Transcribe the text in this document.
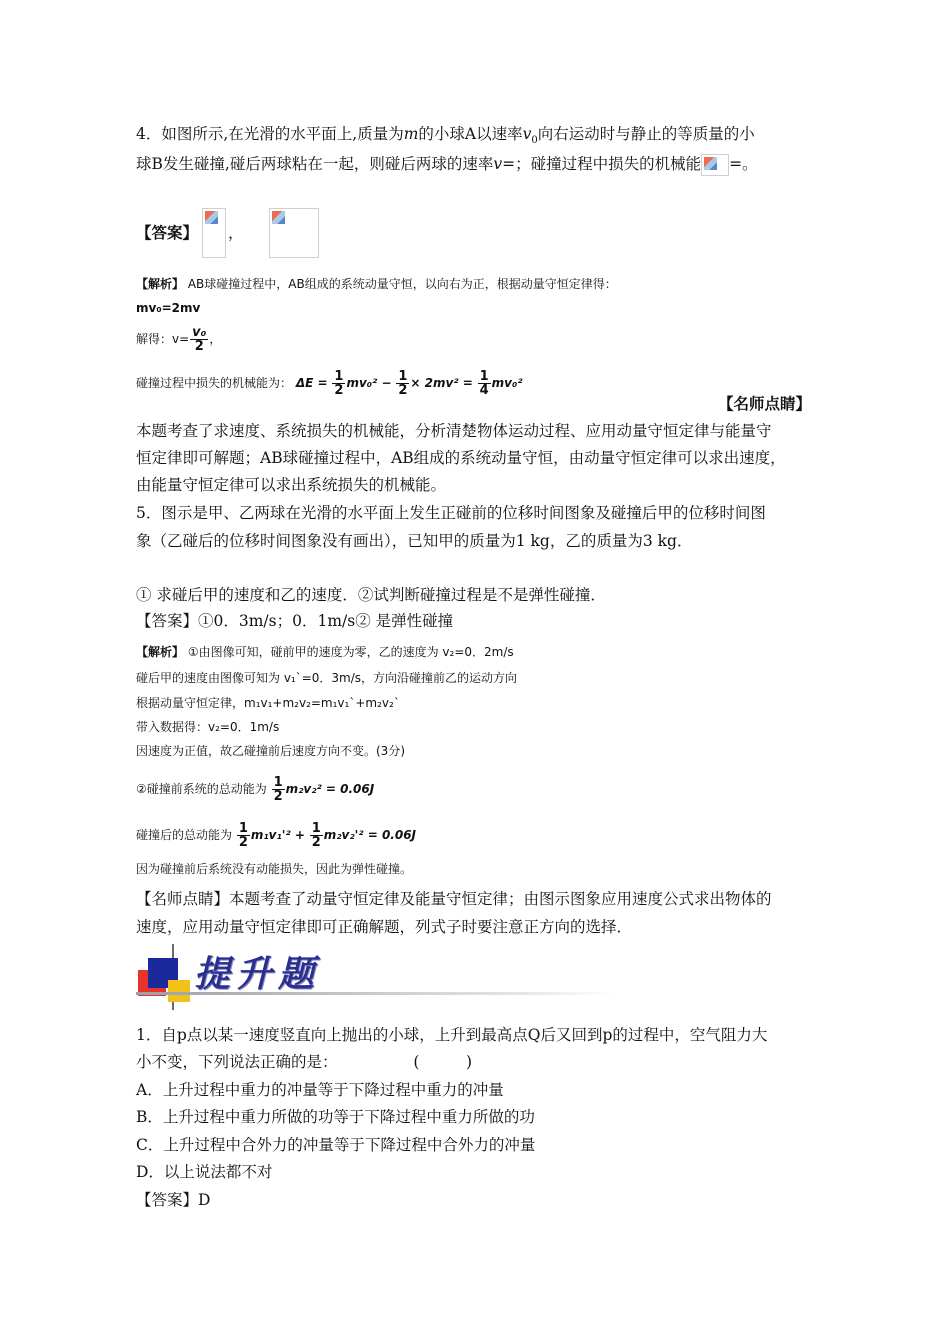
4．如图所示,在光滑的水平面上,质量为m的小球A以速率$v_0$向右运动时与静止的等质量的小
球B发生碰撞,碰后两球粘在一起，则碰后两球的速率v=；碰撞过程中损失的机械能 =。
【答案】 ，
【解析】 AB球碰撞过程中，AB组成的系统动量守恒，以向右为正，根据动量守恒定律得：
mv₀=2mv
解得：$v= \frac{\text{v₀}}{2}$ ，
碰撞过程中损失的机械能为： $\Delta E = \frac{1}{2} mv_0^2 - \frac{1}{2} \times 2mv^2 = \frac{1}{4} mv_0^2$
【名师点睛】
本题考查了求速度、系统损失的机械能，分析清楚物体运动过程、应用动量守恒定律与能量守
恒定律即可解题；AB球碰撞过程中，AB组成的系统动量守恒，由动量守恒定律可以求出速度，
由能量守恒定律可以求出系统损失的机械能。
5．图示是甲、乙两球在光滑的水平面上发生正碰前的位移时间图象及碰撞后甲的位移时间图
象（乙碰后的位移时间图象没有画出），已知甲的质量为1 kg，乙的质量为3 kg．
① 求碰后甲的速度和乙的速度．②试判断碰撞过程是不是弹性碰撞．
【答案】①0．3m/s；0．1m/s② 是弹性碰撞
【解析】 ①由图像可知，碰前甲的速度为零，乙的速度为 v₂=0．2m/s
碰后甲的速度由图像可知为 v₁`=0．3m/s，方向沿碰撞前乙的运动方向
根据动量守恒定律，m₁v₁+m₂v₂=m₁v₁`+m₂v₂`
带入数据得：v₂=0．1m/s
因速度为正值，故乙碰撞前后速度方向不变。(3分)
②碰撞前系统的总动能为 $\frac{1}{2} m_2v_2^2 = 0.06J$
碰撞后的总动能为 $\frac{1}{2} m_1v_1'^2 + \frac{1}{2} m_2v_2'^2 = 0.06J$
因为碰撞前后系统没有动能损失，因此为弹性碰撞。
【名师点睛】本题考查了动量守恒定律及能量守恒定律；由图示图象应用速度公式求出物体的
速度，应用动量守恒定律即可正确解题，列式子时要注意正方向的选择．
提升题
1．自p点以某一速度竖直向上抛出的小球，上升到最高点Q后又回到p的过程中，空气阻力大
小不变，下列说法正确的是：	(　　　)
A．上升过程中重力的冲量等于下降过程中重力的冲量
B．上升过程中重力所做的功等于下降过程中重力所做的功
C．上升过程中合外力的冲量等于下降过程中合外力的冲量
D．以上说法都不对
【答案】D
